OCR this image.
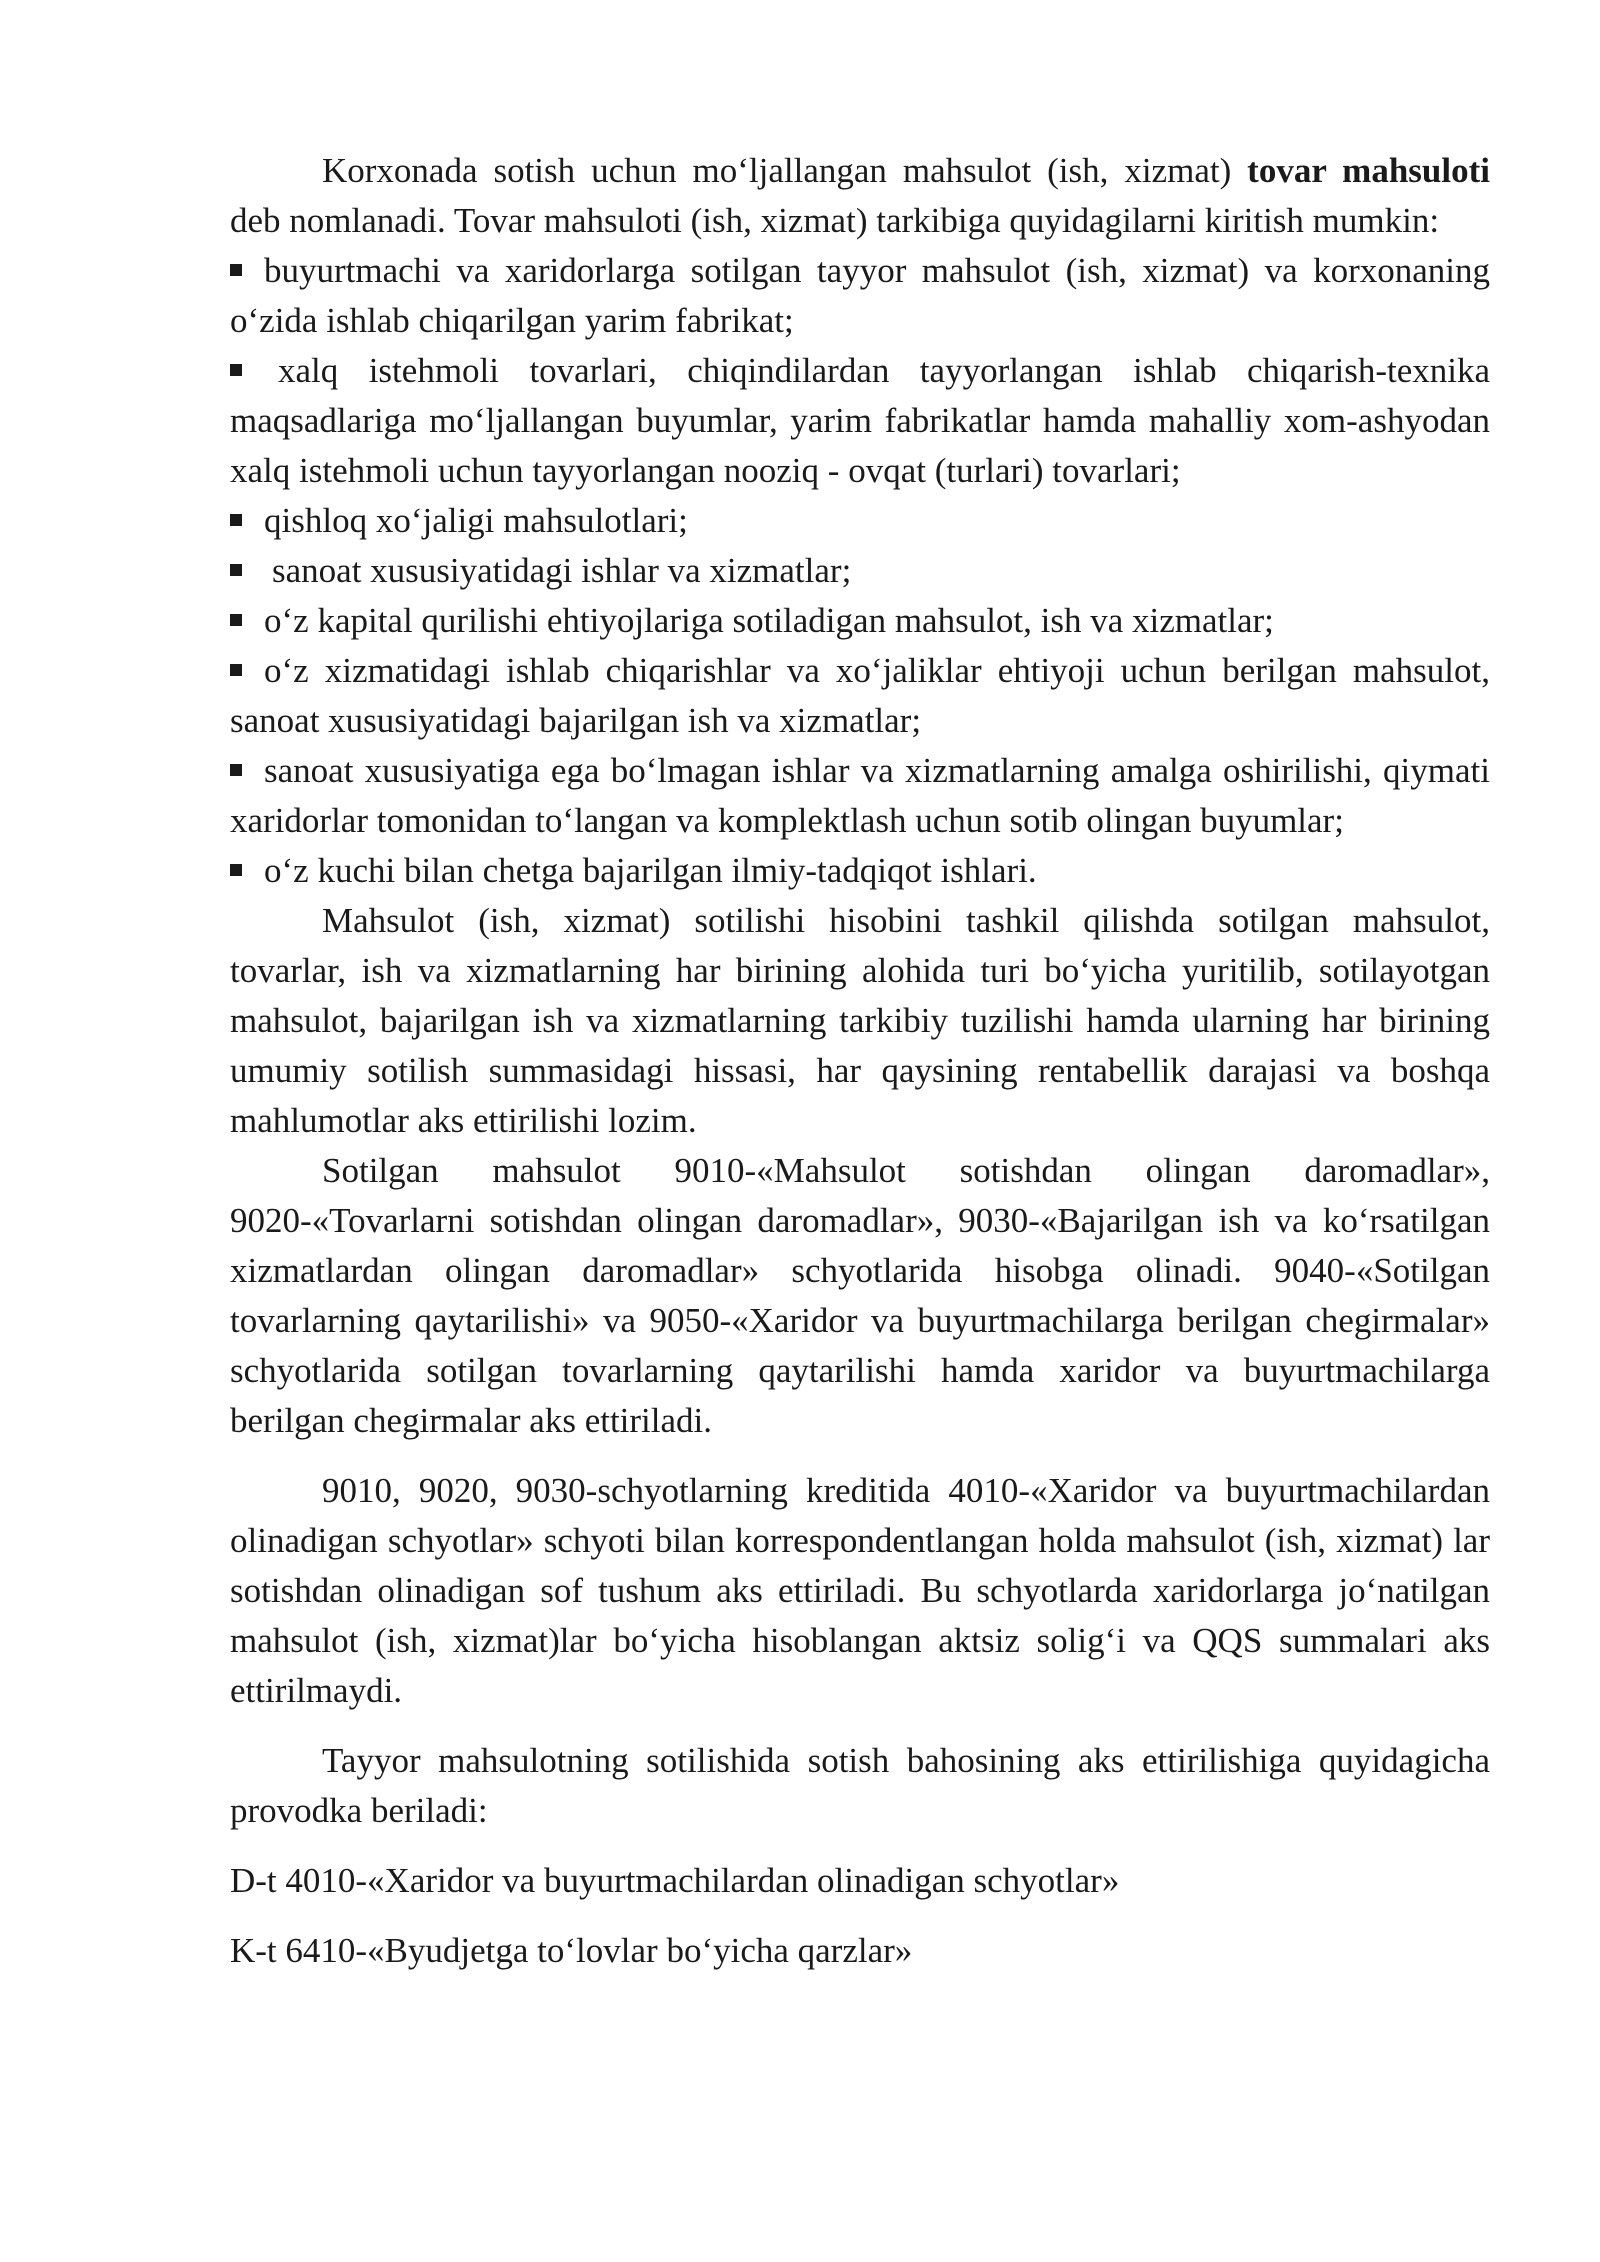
Korxonada sotish uchun mo‘ljallangan mahsulot (ish, xizmat) tovar mahsuloti deb nomlanadi. Tovar mahsuloti (ish, xizmat) tarkibiga quyidagilarni kiritish mumkin:

buyurtmachi va xaridorlarga sotilgan tayyor mahsulot (ish, xizmat) va korxonaning o‘zida ishlab chiqarilgan yarim fabrikat;

xalq istehmoli tovarlari, chiqindilardan tayyorlangan ishlab chiqarish-texnika maqsadlariga mo‘ljallangan buyumlar, yarim fabrikatlar hamda mahalliy xom-ashyodan xalq istehmoli uchun tayyorlangan nooziq - ovqat (turlari) tovarlari;

qishloq xo‘jaligi mahsulotlari;

sanoat xususiyatidagi ishlar va xizmatlar;

o‘z kapital qurilishi ehtiyojlariga sotiladigan mahsulot, ish va xizmatlar;

o‘z xizmatidagi ishlab chiqarishlar va xo‘jaliklar ehtiyoji uchun berilgan mahsulot, sanoat xususiyatidagi bajarilgan ish va xizmatlar;

sanoat xususiyatiga ega bo‘lmagan ishlar va xizmatlarning amalga oshirilishi, qiymati xaridorlar tomonidan to‘langan va komplektlash uchun sotib olingan buyumlar;

o‘z kuchi bilan chetga bajarilgan ilmiy-tadqiqot ishlari.

Mahsulot (ish, xizmat) sotilishi hisobini tashkil qilishda sotilgan mahsulot, tovarlar, ish va xizmatlarning har birining alohida turi bo‘yicha yuritilib, sotilayotgan mahsulot, bajarilgan ish va xizmatlarning tarkibiy tuzilishi hamda ularning har birining umumiy sotilish summasidagi hissasi, har qaysining rentabellik darajasi va boshqa mahlumotlar aks ettirilishi lozim.

Sotilgan mahsulot 9010-«Mahsulot sotishdan olingan daromadlar», 9020-«Tovarlarni sotishdan olingan daromadlar», 9030-«Bajarilgan ish va ko‘rsatilgan xizmatlardan olingan daromadlar» schyotlarida hisobga olinadi. 9040-«Sotilgan tovarlarning qaytarilishi» va 9050-«Xaridor va buyurtmachilarga berilgan chegirmalar» schyotlarida sotilgan tovarlarning qaytarilishi hamda xaridor va buyurtmachilarga berilgan chegirmalar aks ettiriladi.

9010, 9020, 9030-schyotlarning kreditida 4010-«Xaridor va buyurtmachilardan olinadigan schyotlar» schyoti bilan korrespondentlangan holda mahsulot (ish, xizmat) lar sotishdan olinadigan sof tushum aks ettiriladi. Bu schyotlarda xaridorlarga jo‘natilgan mahsulot (ish, xizmat)lar bo‘yicha hisoblangan aktsiz solig‘i va QQS summalari aks ettirilmaydi.

Tayyor mahsulotning sotilishida sotish bahosining aks ettirilishiga quyidagicha provodka beriladi:

D-t 4010-«Xaridor va buyurtmachilardan olinadigan schyotlar»

K-t 6410-«Byudjetga to‘lovlar bo‘yicha qarzlar»
